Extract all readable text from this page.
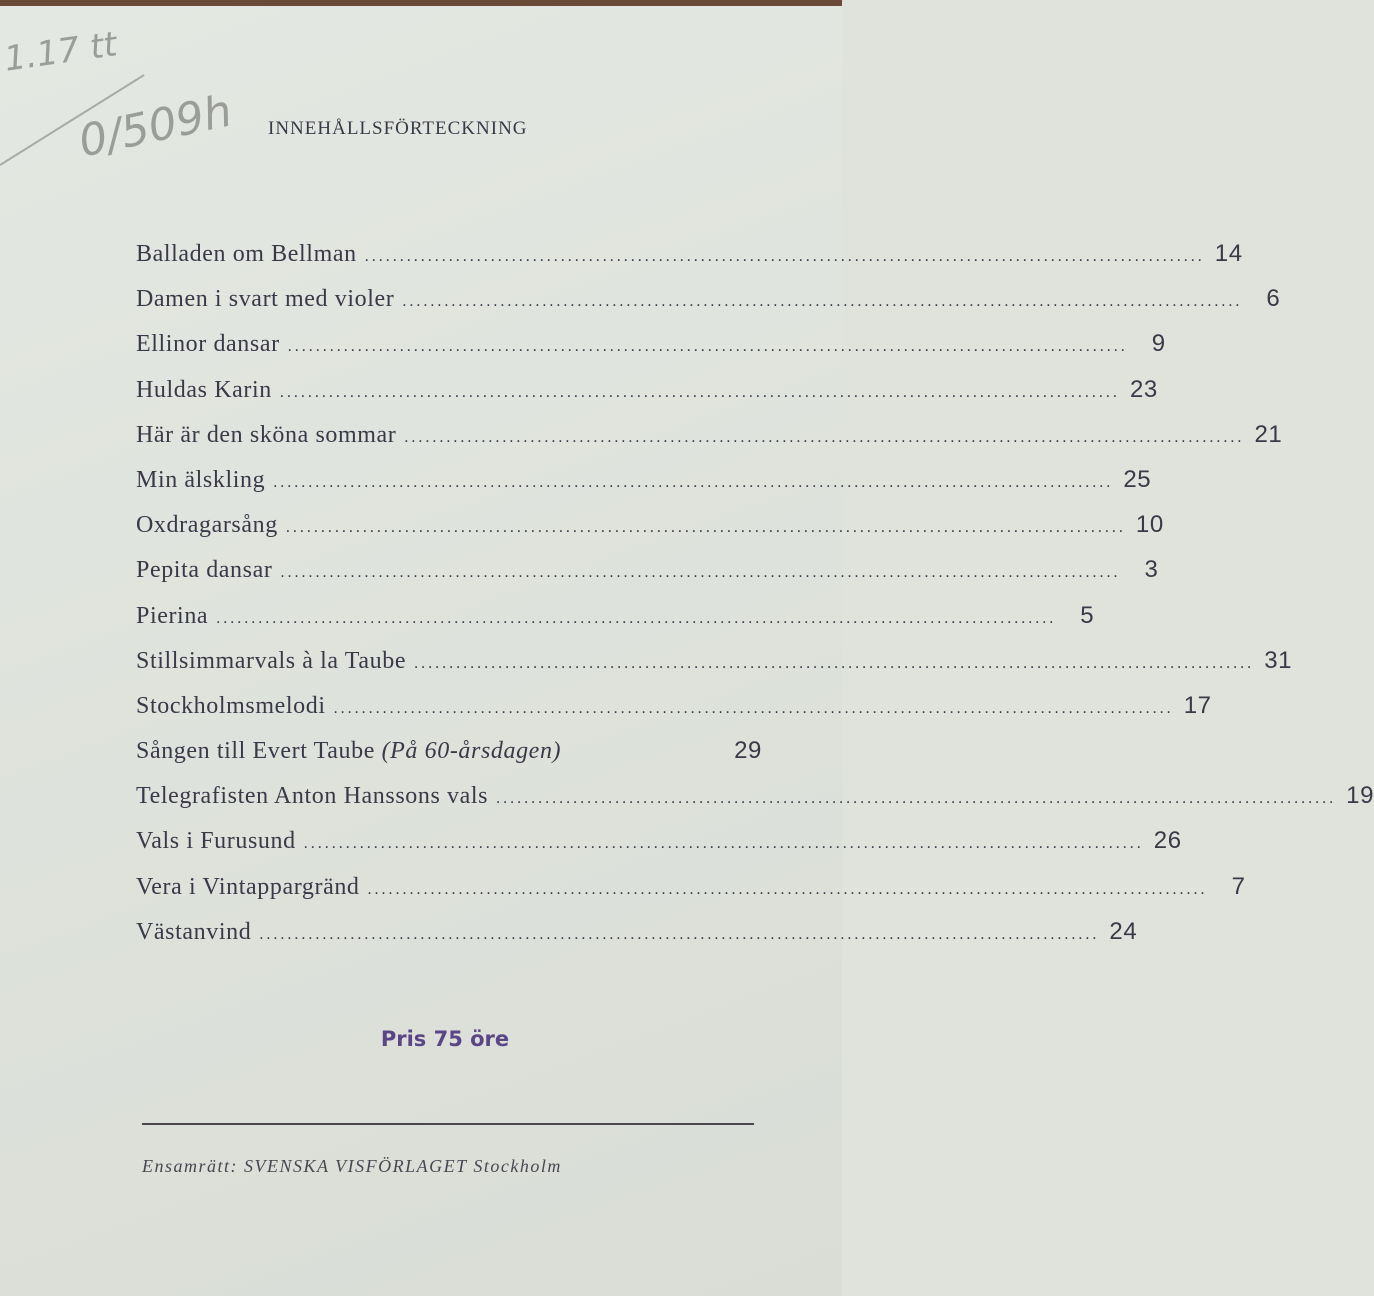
1.17 tt
0/509h INNEHÅLLSFÖRTECKNING
Balladen om Bellman ........................................................................................................................ 14
Damen i svart med violer ........................................................................................................................	6
Ellinor dansar ........................................................................................................................	9
Huldas Karin ........................................................................................................................ 23
Här är den sköna sommar ........................................................................................................................ 21
Min älskling ........................................................................................................................ 25
Oxdragarsång ........................................................................................................................ 10
Pepita dansar ........................................................................................................................	3
Pierina ........................................................................................................................	5
Stillsimmarvals à la Taube ........................................................................................................................ 31
Stockholmsmelodi ........................................................................................................................ 17
Sången till Evert Taube (På 60-årsdagen)	29
Telegrafisten Anton Hanssons vals ........................................................................................................................ 19
Vals i Furusund ........................................................................................................................ 26
Vera i Vintappargränd ........................................................................................................................	7
Västanvind ........................................................................................................................ 24
Pris 75 öre
Ensamrätt: SVENSKA VISFÖRLAGET Stockholm
